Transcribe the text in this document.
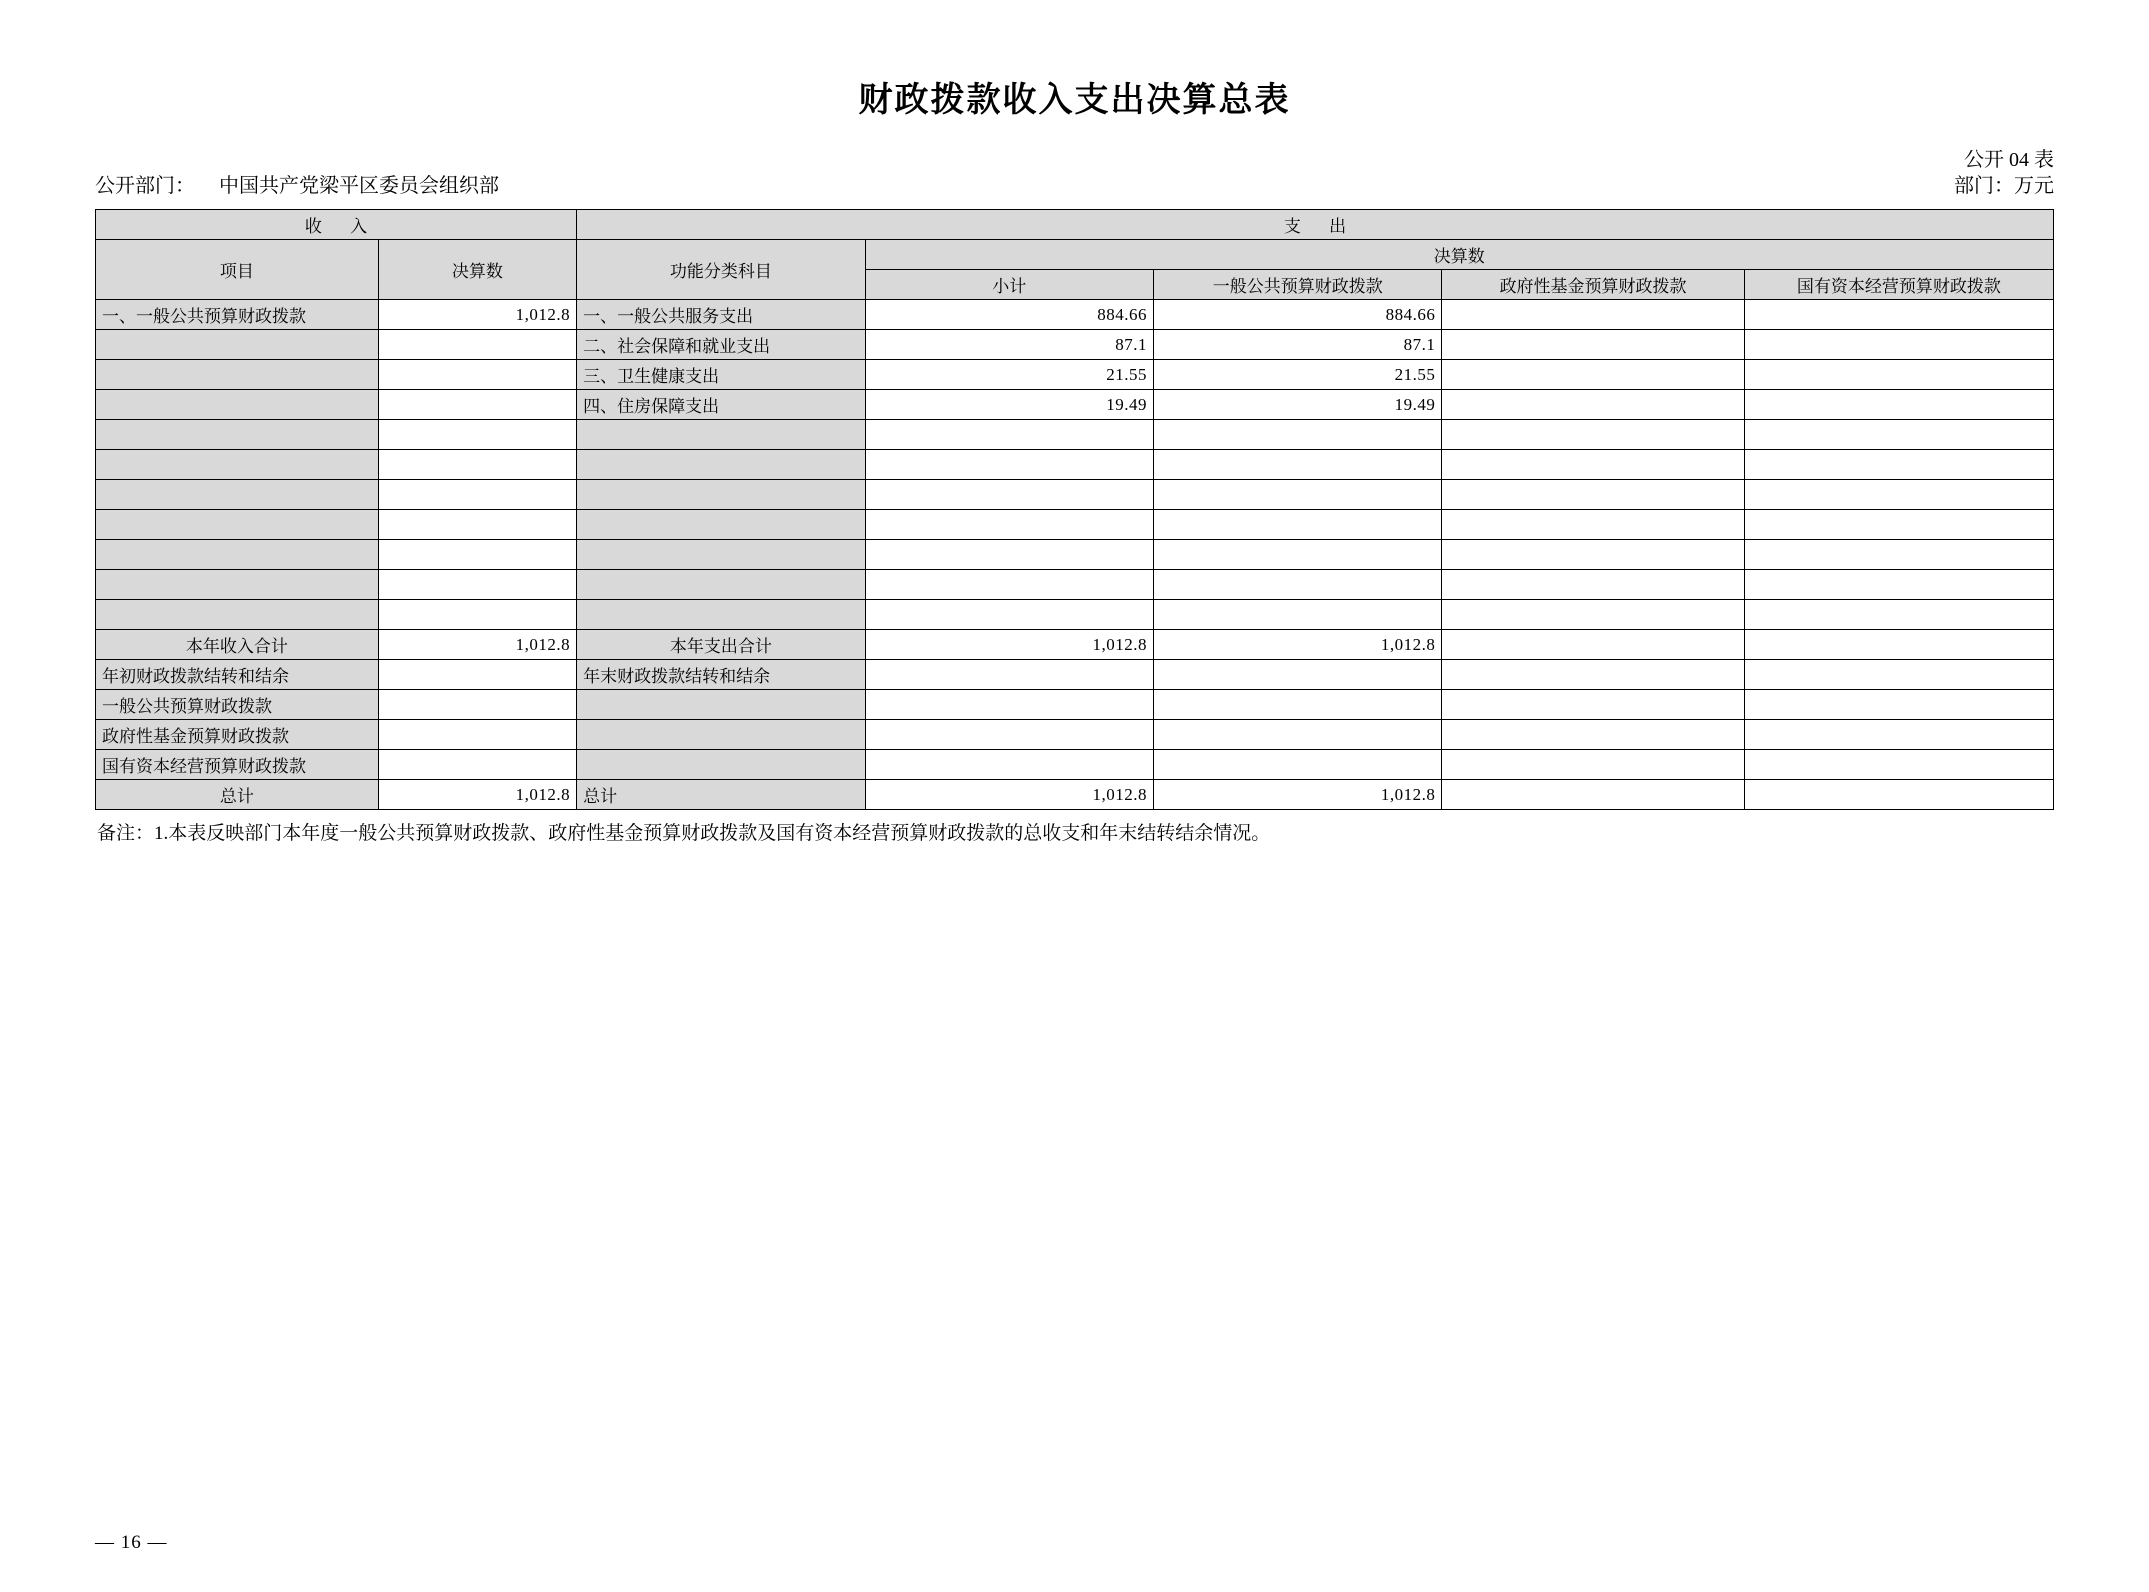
财政拨款收入支出决算总表
公开 04 表
公开部门： 中国共产党梁平区委员会组织部	部门：万元
收 入		支 出				
项目	决算数	功能分类科目	决算数			
			小计	一般公共预算财政拨款	政府性基金预算财政拨款	国有资本经营预算财政拨款
一、一般公共预算财政拨款	1,012.8	一、一般公共服务支出	884.66	884.66		
		二、社会保障和就业支出	87.1	87.1		
		三、卫生健康支出	21.55	21.55		
		四、住房保障支出	19.49	19.49		

本年收入合计	1,012.8	本年支出合计	1,012.8	1,012.8		
年初财政拨款结转和结余		年末财政拨款结转和结余				
一般公共预算财政拨款						
政府性基金预算财政拨款						
国有资本经营预算财政拨款						
总计	1,012.8	总计	1,012.8	1,012.8		
备注：1.本表反映部门本年度一般公共预算财政拨款、政府性基金预算财政拨款及国有资本经营预算财政拨款的总收支和年末结转结余情况。
— 16 —
